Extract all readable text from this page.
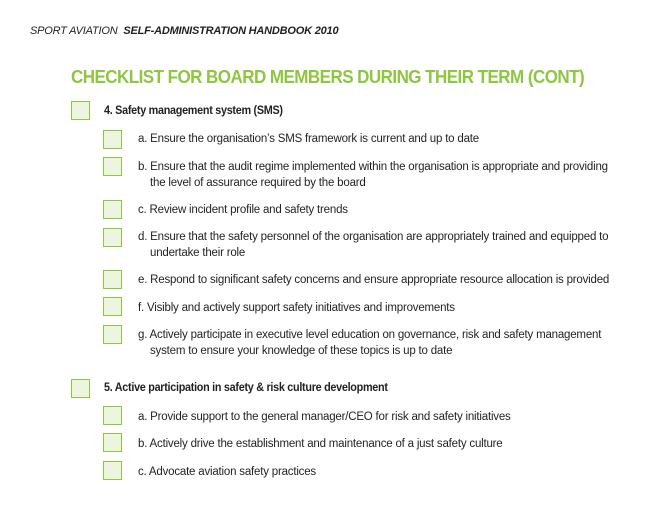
SPORT AVIATION SELF-ADMINISTRATION HANDBOOK 2010
CHECKLIST FOR BOARD MEMBERS DURING THEIR TERM (CONT)
4. Safety management system (SMS)
a. Ensure the organisation’s SMS framework is current and up to date
b. Ensure that the audit regime implemented within the organisation is appropriate and providing the level of assurance required by the board
c. Review incident profile and safety trends
d. Ensure that the safety personnel of the organisation are appropriately trained and equipped to undertake their role
e. Respond to significant safety concerns and ensure appropriate resource allocation is provided
f. Visibly and actively support safety initiatives and improvements
g. Actively participate in executive level education on governance, risk and safety management system to ensure your knowledge of these topics is up to date
5. Active participation in safety & risk culture development
a. Provide support to the general manager/CEO for risk and safety initiatives
b. Actively drive the establishment and maintenance of a just safety culture
c. Advocate aviation safety practices
